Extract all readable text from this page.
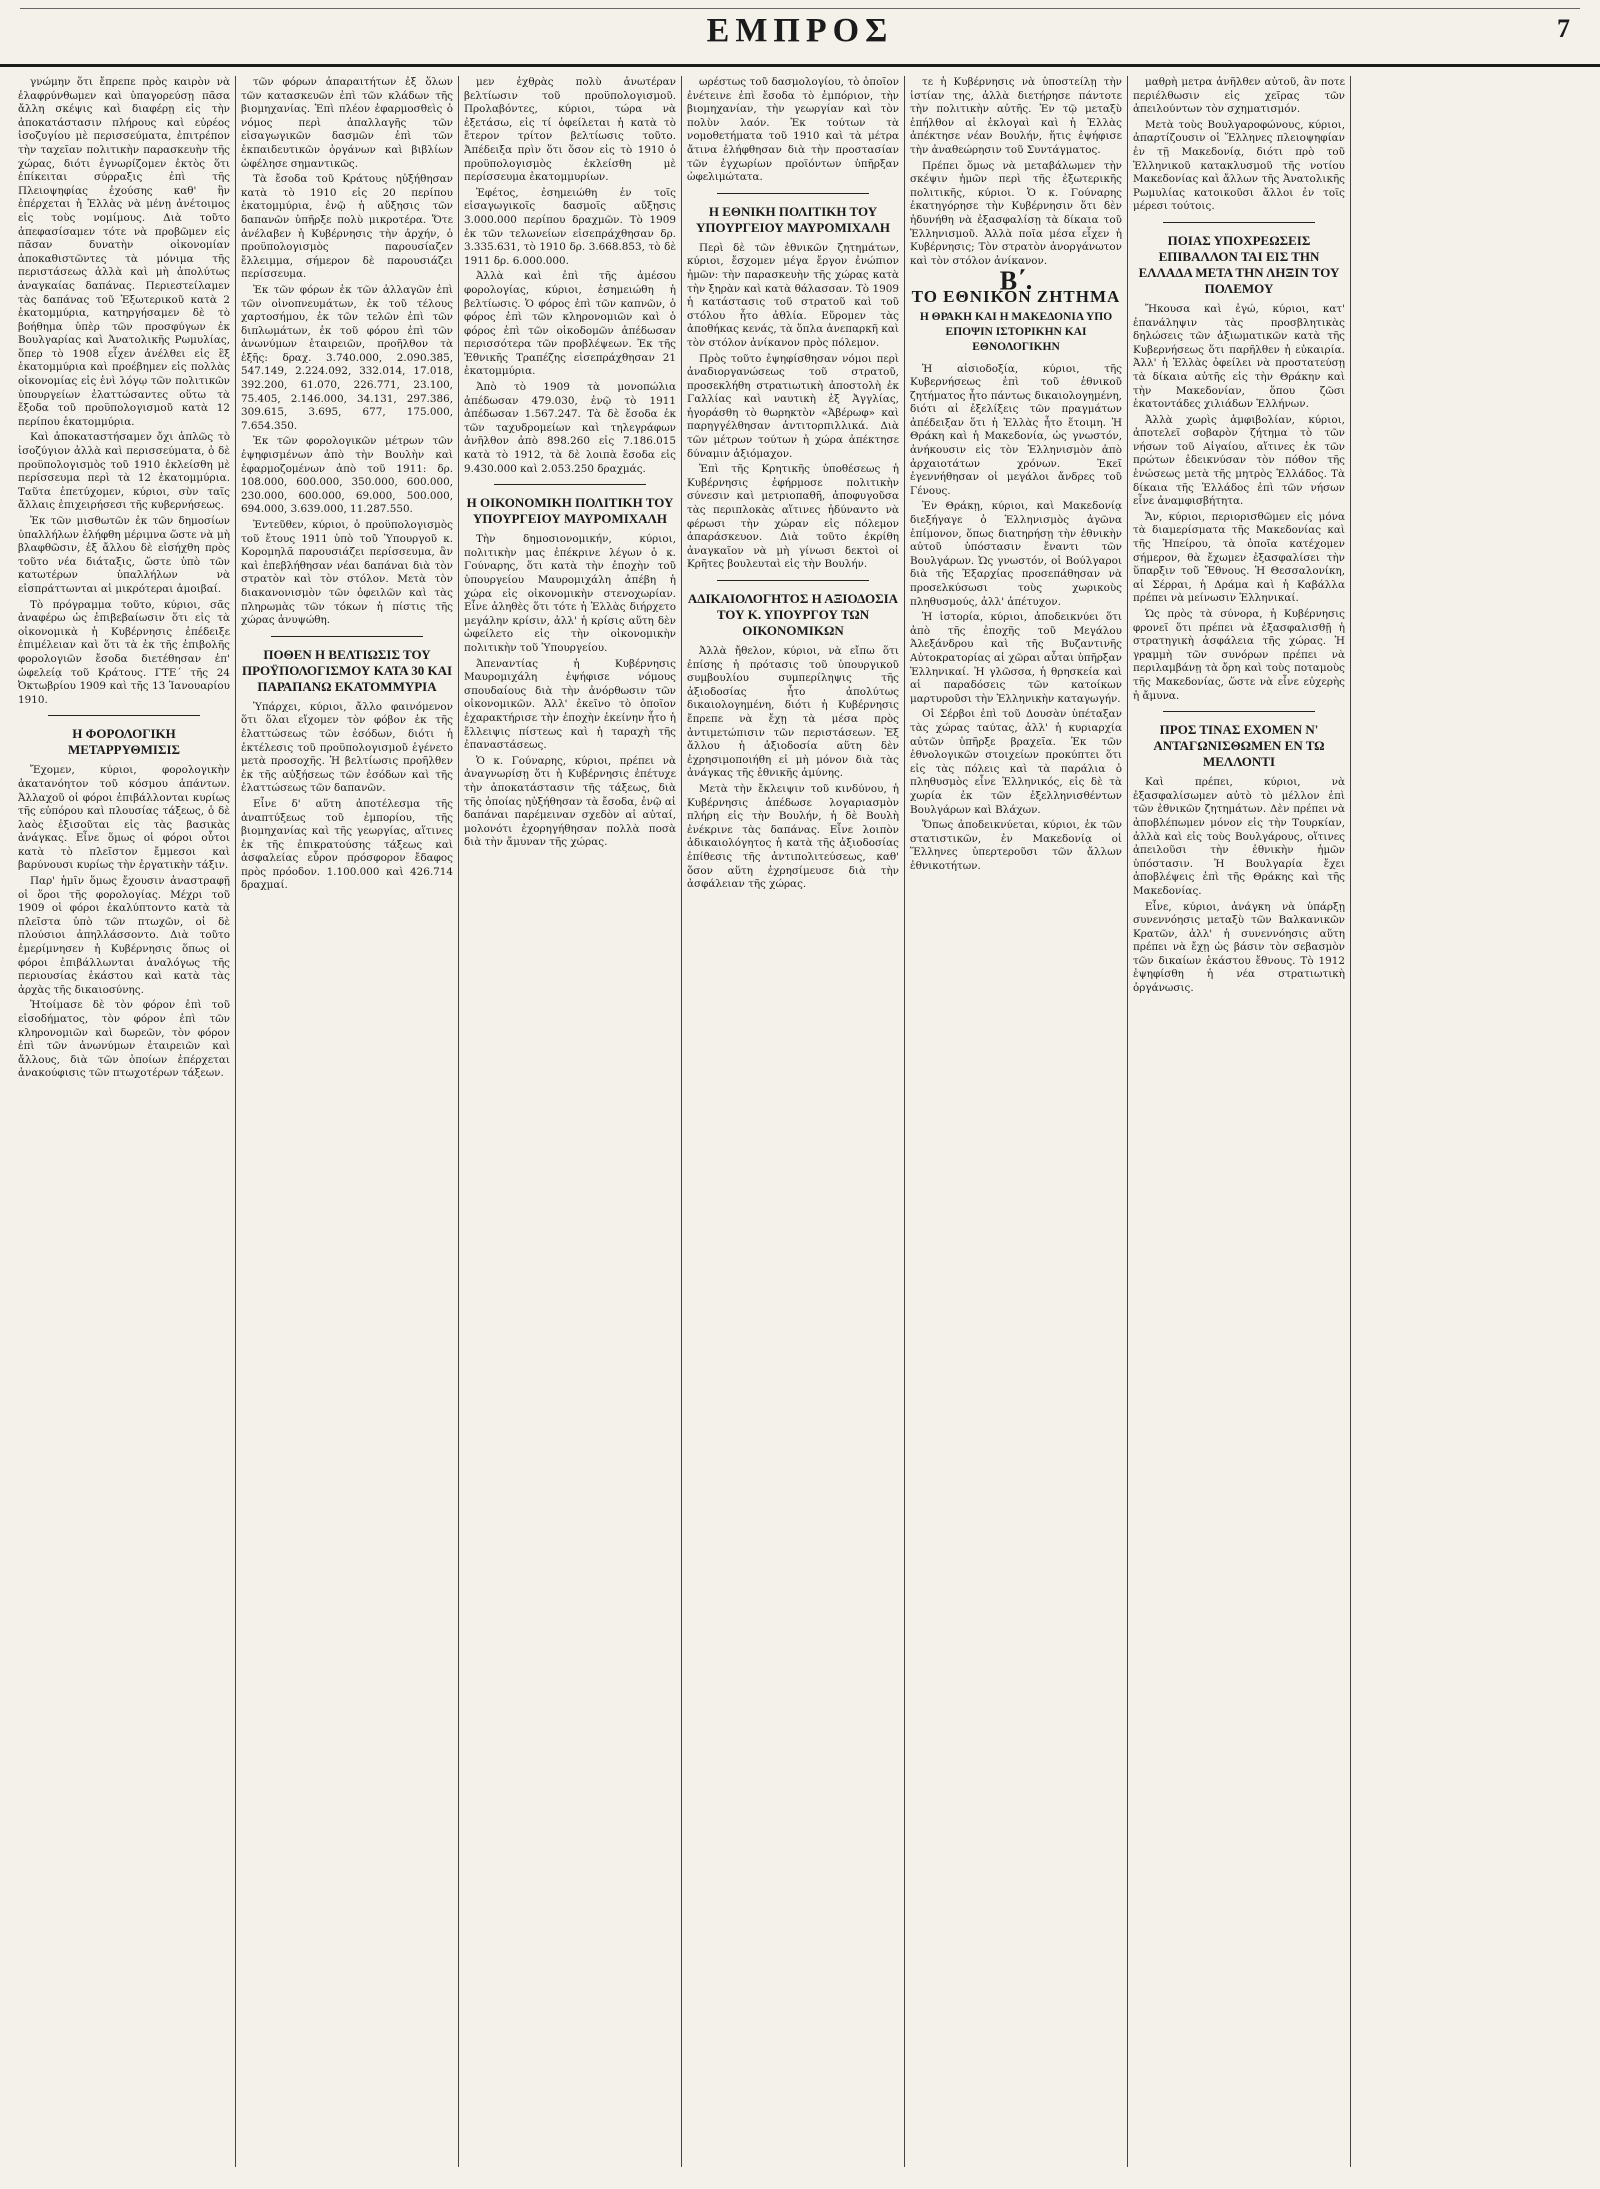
ΕΜΠΡΟΣ	7

γνώμην ὅτι ἔπρεπε πρὸς καιρὸν νὰ ἐλαφρύνθωμεν καὶ ὑπαγορεύσῃ πᾶσα ἄλλη σκέψις καὶ διαφέρῃ εἰς τὴν ἀποκατάστασιν πλήρους καὶ εὐρέος ἰσοζυγίου μὲ περισσεύματα, ἐπιτρέπον τὴν ταχεῖαν πολιτικὴν παρασκευὴν τῆς χώρας, διότι ἐγνωρίζομεν ἐκτὸς ὅτι ἐπίκειται σύρραξις ἐπὶ τῆς Πλειοψηφίας ἐχούσης καθ' ἣν ἐπέρχεται ἡ Ἑλλὰς νὰ μένῃ ἀνέτοιμος εἰς τοὺς νομίμους. Διὰ τοῦτο ἀπεφασίσαμεν τότε νὰ προβῶμεν εἰς πᾶσαν δυνατὴν οἰκονομίαν ἀποκαθιστῶντες τὰ μόνιμα τῆς περιστάσεως ἀλλὰ καὶ μὴ ἀπολύτως ἀναγκαίας δαπάνας. Περιεστείλαμεν τὰς δαπάνας τοῦ Ἐξωτερικοῦ κατὰ 2 ἑκατομμύρια, κατηργήσαμεν δὲ τὸ βοήθημα ὑπὲρ τῶν προσφύγων ἐκ Βουλγαρίας καὶ Ἀνατολικῆς Ρωμυλίας, ὅπερ τὸ 1908 εἶχεν ἀνέλθει εἰς ἓξ ἑκατομμύρια καὶ προέβημεν εἰς πολλὰς οἰκονομίας εἰς ἑνὶ λόγῳ τῶν πολιτικῶν ὑπουργείων ἐλαττώσαντες οὕτω τὰ ἔξοδα τοῦ προϋπολογισμοῦ κατὰ 12 περίπου ἑκατομμύρια.

Καὶ ἀποκαταστήσαμεν ὄχι ἁπλῶς τὸ ἰσοζύγιον ἀλλὰ καὶ περισσεύματα, ὁ δὲ προϋπολογισμὸς τοῦ 1910 ἐκλείσθη μὲ περίσσευμα περὶ τὰ 12 ἑκατομμύρια. Ταῦτα ἐπετύχομεν, κύριοι, σὺν ταῖς ἄλλαις ἐπιχειρήσεσι τῆς κυβερνήσεως.

Ἐκ τῶν μισθωτῶν ἐκ τῶν δημοσίων ὑπαλλήλων ἐλήφθη μέριμνα ὥστε νὰ μὴ βλαφθῶσιν, ἐξ ἄλλου δὲ εἰσήχθη πρὸς τοῦτο νέα διάταξις, ὥστε ὑπὸ τῶν κατωτέρων ὑπαλλήλων νὰ εἰσπράττωνται αἱ μικρότεραι ἀμοιβαί.

Τὸ πρόγραμμα τοῦτο, κύριοι, σᾶς ἀναφέρω ὡς ἐπιβεβαίωσιν ὅτι εἰς τὰ οἰκονομικὰ ἡ Κυβέρνησις ἐπέδειξε ἐπιμέλειαν καὶ ὅτι τὰ ἐκ τῆς ἐπιβολῆς φορολογιῶν ἔσοδα διετέθησαν ἐπ' ὠφελείᾳ τοῦ Κράτους. ΓΤΕ΄ τῆς 24 Ὀκτωβρίου 1909 καὶ τῆς 13 Ἰανουαρίου 1910.

Η ΦΟΡΟΛΟΓΙΚΗ ΜΕΤΑΡΡΥΘΜΙΣΙΣ

Ἔχομεν, κύριοι, φορολογικὴν ἀκατανόητον τοῦ κόσμου ἁπάντων. Ἀλλαχοῦ οἱ φόροι ἐπιβάλλονται κυρίως τῆς εὐπόρου καὶ πλουσίας τάξεως, ὁ δὲ λαὸς ἐξισοῦται εἰς τὰς βασικὰς ἀνάγκας. Εἶνε ὅμως οἱ φόροι οὗτοι κατὰ τὸ πλεῖστον ἔμμεσοι καὶ βαρύνουσι κυρίως τὴν ἐργατικὴν τάξιν.

Παρ' ἡμῖν ὅμως ἔχουσιν ἀναστραφῇ οἱ ὅροι τῆς φορολογίας. Μέχρι τοῦ 1909 οἱ φόροι ἐκαλύπτοντο κατὰ τὰ πλεῖστα ὑπὸ τῶν πτωχῶν, οἱ δὲ πλούσιοι ἀπηλλάσσοντο. Διὰ τοῦτο ἐμερίμνησεν ἡ Κυβέρνησις ὅπως οἱ φόροι ἐπιβάλλωνται ἀναλόγως τῆς περιουσίας ἑκάστου καὶ κατὰ τὰς ἀρχὰς τῆς δικαιοσύνης.

Ἠτοίμασε δὲ τὸν φόρον ἐπὶ τοῦ εἰσοδήματος, τὸν φόρον ἐπὶ τῶν κληρονομιῶν καὶ δωρεῶν, τὸν φόρον ἐπὶ τῶν ἀνωνύμων ἑταιρειῶν καὶ ἄλλους, διὰ τῶν ὁποίων ἐπέρχεται ἀνακούφισις τῶν πτωχοτέρων τάξεων.

τῶν φόρων ἀπαραιτήτων ἐξ ὅλων τῶν κατασκευῶν ἐπὶ τῶν κλάδων τῆς βιομηχανίας. Ἐπὶ πλέον ἐφαρμοσθεὶς ὁ νόμος περὶ ἀπαλλαγῆς τῶν εἰσαγωγικῶν δασμῶν ἐπὶ τῶν ἐκπαιδευτικῶν ὀργάνων καὶ βιβλίων ὡφέλησε σημαντικῶς.

Τὰ ἔσοδα τοῦ Κράτους ηὐξήθησαν κατὰ τὸ 1910 εἰς 20 περίπου ἑκατομμύρια, ἐνῷ ἡ αὔξησις τῶν δαπανῶν ὑπῆρξε πολὺ μικροτέρα. Ὅτε ἀνέλαβεν ἡ Κυβέρνησις τὴν ἀρχήν, ὁ προϋπολογισμὸς παρουσίαζεν ἔλλειμμα, σήμερον δὲ παρουσιάζει περίσσευμα.

Ἐκ τῶν φόρων ἐκ τῶν ἀλλαγῶν ἐπὶ τῶν οἰνοπνευμάτων, ἐκ τοῦ τέλους χαρτοσήμου, ἐκ τῶν τελῶν ἐπὶ τῶν διπλωμάτων, ἐκ τοῦ φόρου ἐπὶ τῶν ἀνωνύμων ἑταιρειῶν, προῆλθον τὰ ἑξῆς: δραχ. 3.740.000, 2.090.385, 547.149, 2.224.092, 332.014, 17.018, 392.200, 61.070, 226.771, 23.100, 75.405, 2.146.000, 34.131, 297.386, 309.615, 3.695, 677, 175.000, 7.654.350.

Ἐκ τῶν φορολογικῶν μέτρων τῶν ἐψηφισμένων ἀπὸ τὴν Βουλὴν καὶ ἐφαρμοζομένων ἀπὸ τοῦ 1911: δρ. 108.000, 600.000, 350.000, 600.000, 230.000, 600.000, 69.000, 500.000, 694.000, 3.639.000, 11.287.550.

Ἐντεῦθεν, κύριοι, ὁ προϋπολογισμὸς τοῦ ἔτους 1911 ὑπὸ τοῦ Ὑπουργοῦ κ. Κορομηλᾶ παρουσιάζει περίσσευμα, ἂν καὶ ἐπεβλήθησαν νέαι δαπάναι διὰ τὸν στρατὸν καὶ τὸν στόλον. Μετὰ τὸν διακανονισμὸν τῶν ὀφειλῶν καὶ τὰς πληρωμὰς τῶν τόκων ἡ πίστις τῆς χώρας ἀνυψώθη.

ΠΟΘΕΝ Η ΒΕΛΤΙΩΣΙΣ ΤΟΥ ΠΡΟΫΠΟΛΟΓΙΣΜΟΥ ΚΑΤΑ 30 ΚΑΙ ΠΑΡΑΠΑΝΩ ΕΚΑΤΟΜΜΥΡΙΑ

Ὑπάρχει, κύριοι, ἄλλο φαινόμενον ὅτι ὅλαι εἴχομεν τὸν φόβον ἐκ τῆς ἐλαττώσεως τῶν ἐσόδων, διότι ἡ ἐκτέλεσις τοῦ προϋπολογισμοῦ ἐγένετο μετὰ προσοχῆς. Ἡ βελτίωσις προῆλθεν ἐκ τῆς αὐξήσεως τῶν ἐσόδων καὶ τῆς ἐλαττώσεως τῶν δαπανῶν.

Εἶνε δ' αὕτη ἀποτέλεσμα τῆς ἀναπτύξεως τοῦ ἐμπορίου, τῆς βιομηχανίας καὶ τῆς γεωργίας, αἵτινες ἐκ τῆς ἐπικρατούσης τάξεως καὶ ἀσφαλείας εὗρον πρόσφορον ἔδαφος πρὸς πρόοδον. 1.100.000 καὶ 426.714 δραχμαί.

μεν ἐχθρὰς πολὺ ἀνωτέραν βελτίωσιν τοῦ προϋπολογισμοῦ. Προλαβόντες, κύριοι, τώρα νὰ ἐξετάσω, εἰς τί ὀφείλεται ἡ κατὰ τὸ ἔτερον τρίτον βελτίωσις τοῦτο. Ἀπέδειξα πρὶν ὅτι ὅσον εἰς τὸ 1910 ὁ προϋπολογισμὸς ἐκλείσθη μὲ περίσσευμα ἑκατομμυρίων.

Ἐφέτος, ἐσημειώθη ἐν τοῖς εἰσαγωγικοῖς δασμοῖς αὔξησις 3.000.000 περίπου δραχμῶν. Τὸ 1909 ἐκ τῶν τελωνείων εἰσεπράχθησαν δρ. 3.335.631, τὸ 1910 δρ. 3.668.853, τὸ δὲ 1911 δρ. 6.000.000.

Ἀλλὰ καὶ ἐπὶ τῆς ἀμέσου φορολογίας, κύριοι, ἐσημειώθη ἡ βελτίωσις. Ὁ φόρος ἐπὶ τῶν καπνῶν, ὁ φόρος ἐπὶ τῶν κληρονομιῶν καὶ ὁ φόρος ἐπὶ τῶν οἰκοδομῶν ἀπέδωσαν περισσότερα τῶν προβλέψεων. Ἐκ τῆς Ἐθνικῆς Τραπέζης εἰσεπράχθησαν 21 ἑκατομμύρια.

Ἀπὸ τὸ 1909 τὰ μονοπώλια ἀπέδωσαν 479.030, ἐνῷ τὸ 1911 ἀπέδωσαν 1.567.247. Τὰ δὲ ἔσοδα ἐκ τῶν ταχυδρομείων καὶ τηλεγράφων ἀνῆλθον ἀπὸ 898.260 εἰς 7.186.015 κατὰ τὸ 1912, τὰ δὲ λοιπὰ ἔσοδα εἰς 9.430.000 καὶ 2.053.250 δραχμάς.

Η ΟΙΚΟΝΟΜΙΚΗ ΠΟΛΙΤΙΚΗ ΤΟΥ ΥΠΟΥΡΓΕΙΟΥ ΜΑΥΡΟΜΙΧΑΛΗ

Τὴν δημοσιονομικήν, κύριοι, πολιτικὴν μας ἐπέκρινε λέγων ὁ κ. Γούναρης, ὅτι κατὰ τὴν ἐποχὴν τοῦ ὑπουργείου Μαυρομιχάλη ἀπέβη ἡ χώρα εἰς οἰκονομικὴν στενοχωρίαν. Εἶνε ἀληθὲς ὅτι τότε ἡ Ἑλλὰς διήρχετο μεγάλην κρίσιν, ἀλλ' ἡ κρίσις αὕτη δὲν ὠφείλετο εἰς τὴν οἰκονομικὴν πολιτικὴν τοῦ Ὑπουργείου.

Ἀπεναντίας ἡ Κυβέρνησις Μαυρομιχάλη ἐψήφισε νόμους σπουδαίους διὰ τὴν ἀνόρθωσιν τῶν οἰκονομικῶν. Ἀλλ' ἐκεῖνο τὸ ὁποῖον ἐχαρακτήρισε τὴν ἐποχὴν ἐκείνην ἦτο ἡ ἔλλειψις πίστεως καὶ ἡ ταραχὴ τῆς ἐπαναστάσεως.

Ὁ κ. Γούναρης, κύριοι, πρέπει νὰ ἀναγνωρίσῃ ὅτι ἡ Κυβέρνησις ἐπέτυχε τὴν ἀποκατάστασιν τῆς τάξεως, διὰ τῆς ὁποίας ηὐξήθησαν τὰ ἔσοδα, ἐνῷ αἱ δαπάναι παρέμειναν σχεδὸν αἱ αὐταί, μολονότι ἐχορηγήθησαν πολλὰ ποσὰ διὰ τὴν ἄμυναν τῆς χώρας.

ωρέστως τοῦ δασμολογίου, τὸ ὁποῖον ἐνέτεινε ἐπὶ ἔσοδα τὸ ἐμπόριον, τὴν βιομηχανίαν, τὴν γεωργίαν καὶ τὸν πολὺν λαόν. Ἐκ τούτων τὰ νομοθετήματα τοῦ 1910 καὶ τὰ μέτρα ἄτινα ἐλήφθησαν διὰ τὴν προστασίαν τῶν ἐγχωρίων προϊόντων ὑπῆρξαν ὠφελιμώτατα.

Η ΕΘΝΙΚΗ ΠΟΛΙΤΙΚΗ ΤΟΥ ΥΠΟΥΡΓΕΙΟΥ ΜΑΥΡΟΜΙΧΑΛΗ

Περὶ δὲ τῶν ἐθνικῶν ζητημάτων, κύριοι, ἔσχομεν μέγα ἔργον ἐνώπιον ἡμῶν: τὴν παρασκευὴν τῆς χώρας κατὰ τὴν ξηρὰν καὶ κατὰ θάλασσαν. Τὸ 1909 ἡ κατάστασις τοῦ στρατοῦ καὶ τοῦ στόλου ἦτο ἀθλία. Εὕρομεν τὰς ἀποθήκας κενάς, τὰ ὅπλα ἀνεπαρκῆ καὶ τὸν στόλον ἀνίκανον πρὸς πόλεμον.

Πρὸς τοῦτο ἐψηφίσθησαν νόμοι περὶ ἀναδιοργανώσεως τοῦ στρατοῦ, προσεκλήθη στρατιωτικὴ ἀποστολὴ ἐκ Γαλλίας καὶ ναυτικὴ ἐξ Ἀγγλίας, ἠγοράσθη τὸ θωρηκτὸν «Ἀβέρωφ» καὶ παρηγγέλθησαν ἀντιτορπιλλικά. Διὰ τῶν μέτρων τούτων ἡ χώρα ἀπέκτησε δύναμιν ἀξιόμαχον.

Ἐπὶ τῆς Κρητικῆς ὑποθέσεως ἡ Κυβέρνησις ἐφήρμοσε πολιτικὴν σύνεσιν καὶ μετριοπαθῆ, ἀποφυγοῦσα τὰς περιπλοκὰς αἵτινες ἠδύναντο νὰ φέρωσι τὴν χώραν εἰς πόλεμον ἀπαράσκευον. Διὰ τοῦτο ἐκρίθη ἀναγκαῖον νὰ μὴ γίνωσι δεκτοὶ οἱ Κρῆτες βουλευταὶ εἰς τὴν Βουλήν.

ΑΔΙΚΑΙΟΛΟΓΗΤΟΣ Η ΑΞΙΟΔΟΣΙΑ ΤΟΥ Κ. ΥΠΟΥΡΓΟΥ ΤΩΝ ΟΙΚΟΝΟΜΙΚΩΝ

Ἀλλὰ ἤθελον, κύριοι, νὰ εἴπω ὅτι ἐπίσης ἡ πρότασις τοῦ ὑπουργικοῦ συμβουλίου συμπερίληψις τῆς ἀξιοδοσίας ἦτο ἀπολύτως δικαιολογημένη, διότι ἡ Κυβέρνησις ἔπρεπε νὰ ἔχῃ τὰ μέσα πρὸς ἀντιμετώπισιν τῶν περιστάσεων. Ἐξ ἄλλου ἡ ἀξιοδοσία αὕτη δὲν ἐχρησιμοποιήθη εἰ μὴ μόνον διὰ τὰς ἀνάγκας τῆς ἐθνικῆς ἀμύνης.

Μετὰ τὴν ἔκλειψιν τοῦ κινδύνου, ἡ Κυβέρνησις ἀπέδωσε λογαριασμὸν πλήρη εἰς τὴν Βουλήν, ἡ δὲ Βουλὴ ἐνέκρινε τὰς δαπάνας. Εἶνε λοιπὸν ἀδικαιολόγητος ἡ κατὰ τῆς ἀξιοδοσίας ἐπίθεσις τῆς ἀντιπολιτεύσεως, καθ' ὅσον αὕτη ἐχρησίμευσε διὰ τὴν ἀσφάλειαν τῆς χώρας.

τε ἡ Κυβέρνησις νὰ ὑποστείλῃ τὴν ἱστίαν της, ἀλλὰ διετήρησε πάντοτε τὴν πολιτικὴν αὐτῆς. Ἐν τῷ μεταξὺ ἐπήλθον αἱ ἐκλογαὶ καὶ ἡ Ἑλλὰς ἀπέκτησε νέαν Βουλήν, ἥτις ἐψήφισε τὴν ἀναθεώρησιν τοῦ Συντάγματος.

Πρέπει ὅμως νὰ μεταβάλωμεν τὴν σκέψιν ἡμῶν περὶ τῆς ἐξωτερικῆς πολιτικῆς, κύριοι. Ὁ κ. Γούναρης ἐκατηγόρησε τὴν Κυβέρνησιν ὅτι δὲν ἠδυνήθη νὰ ἐξασφαλίσῃ τὰ δίκαια τοῦ Ἑλληνισμοῦ. Ἀλλὰ ποῖα μέσα εἶχεν ἡ Κυβέρνησις; Τὸν στρατὸν ἀνοργάνωτον καὶ τὸν στόλον ἀνίκανον.

Β΄.
ΤΟ ΕΘΝΙΚΟΝ ΖΗΤΗΜΑ
Η ΘΡΑΚΗ ΚΑΙ Η ΜΑΚΕΔΟΝΙΑ ΥΠΟ ΕΠΟΨΙΝ ΙΣΤΟΡΙΚΗΝ ΚΑΙ ΕΘΝΟΛΟΓΙΚΗΝ

Ἡ αἰσιοδοξία, κύριοι, τῆς Κυβερνήσεως ἐπὶ τοῦ ἐθνικοῦ ζητήματος ἦτο πάντως δικαιολογημένη, διότι αἱ ἐξελίξεις τῶν πραγμάτων ἀπέδειξαν ὅτι ἡ Ἑλλὰς ἦτο ἕτοιμη. Ἡ Θράκη καὶ ἡ Μακεδονία, ὡς γνωστόν, ἀνήκουσιν εἰς τὸν Ἑλληνισμὸν ἀπὸ ἀρχαιοτάτων χρόνων. Ἐκεῖ ἐγεννήθησαν οἱ μεγάλοι ἄνδρες τοῦ Γένους.

Ἐν Θράκῃ, κύριοι, καὶ Μακεδονίᾳ διεξήγαγε ὁ Ἑλληνισμὸς ἀγῶνα ἐπίμονον, ὅπως διατηρήσῃ τὴν ἐθνικὴν αὐτοῦ ὑπόστασιν ἔναντι τῶν Βουλγάρων. Ὡς γνωστόν, οἱ Βούλγαροι διὰ τῆς Ἐξαρχίας προσεπάθησαν νὰ προσελκύσωσι τοὺς χωρικοὺς πληθυσμούς, ἀλλ' ἀπέτυχον.

Ἡ ἱστορία, κύριοι, ἀποδεικνύει ὅτι ἀπὸ τῆς ἐποχῆς τοῦ Μεγάλου Ἀλεξάνδρου καὶ τῆς Βυζαντινῆς Αὐτοκρατορίας αἱ χῶραι αὗται ὑπῆρξαν Ἑλληνικαί. Ἡ γλῶσσα, ἡ θρησκεία καὶ αἱ παραδόσεις τῶν κατοίκων μαρτυροῦσι τὴν Ἑλληνικὴν καταγωγήν.

Οἱ Σέρβοι ἐπὶ τοῦ Δουσὰν ὑπέταξαν τὰς χώρας ταύτας, ἀλλ' ἡ κυριαρχία αὐτῶν ὑπῆρξε βραχεῖα. Ἐκ τῶν ἐθνολογικῶν στοιχείων προκύπτει ὅτι εἰς τὰς πόλεις καὶ τὰ παράλια ὁ πληθυσμὸς εἶνε Ἑλληνικός, εἰς δὲ τὰ χωρία ἐκ τῶν ἐξελληνισθέντων Βουλγάρων καὶ Βλάχων.

Ὅπως ἀποδεικνύεται, κύριοι, ἐκ τῶν στατιστικῶν, ἐν Μακεδονίᾳ οἱ Ἕλληνες ὑπερτεροῦσι τῶν ἄλλων ἐθνικοτήτων.

μαθρὴ μετρα ἀνῆλθεν αὐτοῦ, ἂν ποτε περιέλθωσιν εἰς χεῖρας τῶν ἀπειλούντων τὸν σχηματισμόν.

Μετὰ τοὺς Βουλγαροφώνους, κύριοι, ἀπαρτίζουσιν οἱ Ἕλληνες πλειοψηφίαν ἐν τῇ Μακεδονίᾳ, διότι πρὸ τοῦ Ἑλληνικοῦ κατακλυσμοῦ τῆς νοτίου Μακεδονίας καὶ ἄλλων τῆς Ἀνατολικῆς Ρωμυλίας κατοικοῦσι ἄλλοι ἐν τοῖς μέρεσι τούτοις.

ΠΟΙΑΣ ΥΠΟΧΡΕΩΣΕΙΣ ΕΠΙΒΑΛΛΟΝ ΤΑΙ ΕΙΣ ΤΗΝ ΕΛΛΑΔΑ ΜΕΤΑ ΤΗΝ ΛΗΞΙΝ ΤΟΥ ΠΟΛΕΜΟΥ

Ἤκουσα καὶ ἐγώ, κύριοι, κατ' ἐπανάληψιν τὰς προσβλητικὰς δηλώσεις τῶν ἀξιωματικῶν κατὰ τῆς Κυβερνήσεως ὅτι παρῆλθεν ἡ εὐκαιρία. Ἀλλ' ἡ Ἑλλὰς ὀφείλει νὰ προστατεύσῃ τὰ δίκαια αὐτῆς εἰς τὴν Θράκην καὶ τὴν Μακεδονίαν, ὅπου ζῶσι ἑκατοντάδες χιλιάδων Ἑλλήνων.

Ἀλλὰ χωρὶς ἀμφιβολίαν, κύριοι, ἀποτελεῖ σοβαρὸν ζήτημα τὸ τῶν νήσων τοῦ Αἰγαίου, αἵτινες ἐκ τῶν πρώτων ἐδεικνύσαν τὸν πόθον τῆς ἑνώσεως μετὰ τῆς μητρὸς Ἑλλάδος. Τὰ δίκαια τῆς Ἑλλάδος ἐπὶ τῶν νήσων εἶνε ἀναμφισβήτητα.

Ἄν, κύριοι, περιορισθῶμεν εἰς μόνα τὰ διαμερίσματα τῆς Μακεδονίας καὶ τῆς Ἠπείρου, τὰ ὁποῖα κατέχομεν σήμερον, θὰ ἔχωμεν ἐξασφαλίσει τὴν ὕπαρξιν τοῦ Ἔθνους. Ἡ Θεσσαλονίκη, αἱ Σέρραι, ἡ Δράμα καὶ ἡ Καβάλλα πρέπει νὰ μείνωσιν Ἑλληνικαί.

Ὡς πρὸς τὰ σύνορα, ἡ Κυβέρνησις φρονεῖ ὅτι πρέπει νὰ ἐξασφαλισθῇ ἡ στρατηγικὴ ἀσφάλεια τῆς χώρας. Ἡ γραμμὴ τῶν συνόρων πρέπει νὰ περιλαμβάνῃ τὰ ὄρη καὶ τοὺς ποταμοὺς τῆς Μακεδονίας, ὥστε νὰ εἶνε εὐχερὴς ἡ ἄμυνα.

ΠΡΟΣ ΤΙΝΑΣ ΕΧΟΜΕΝ Ν' ΑΝΤΑΓΩΝΙΣΘΩΜΕΝ ΕΝ ΤΩ ΜΕΛΛΟΝΤΙ

Καὶ πρέπει, κύριοι, νὰ ἐξασφαλίσωμεν αὐτὸ τὸ μέλλον ἐπὶ τῶν ἐθνικῶν ζητημάτων. Δὲν πρέπει νὰ ἀποβλέπωμεν μόνον εἰς τὴν Τουρκίαν, ἀλλὰ καὶ εἰς τοὺς Βουλγάρους, οἵτινες ἀπειλοῦσι τὴν ἐθνικὴν ἡμῶν ὑπόστασιν. Ἡ Βουλγαρία ἔχει ἀποβλέψεις ἐπὶ τῆς Θράκης καὶ τῆς Μακεδονίας.

Εἶνε, κύριοι, ἀνάγκη νὰ ὑπάρξῃ συνεννόησις μεταξὺ τῶν Βαλκανικῶν Κρατῶν, ἀλλ' ἡ συνεννόησις αὕτη πρέπει νὰ ἔχῃ ὡς βάσιν τὸν σεβασμὸν τῶν δικαίων ἑκάστου ἔθνους. Τὸ 1912 ἐψηφίσθη ἡ νέα στρατιωτικὴ ὀργάνωσις.
